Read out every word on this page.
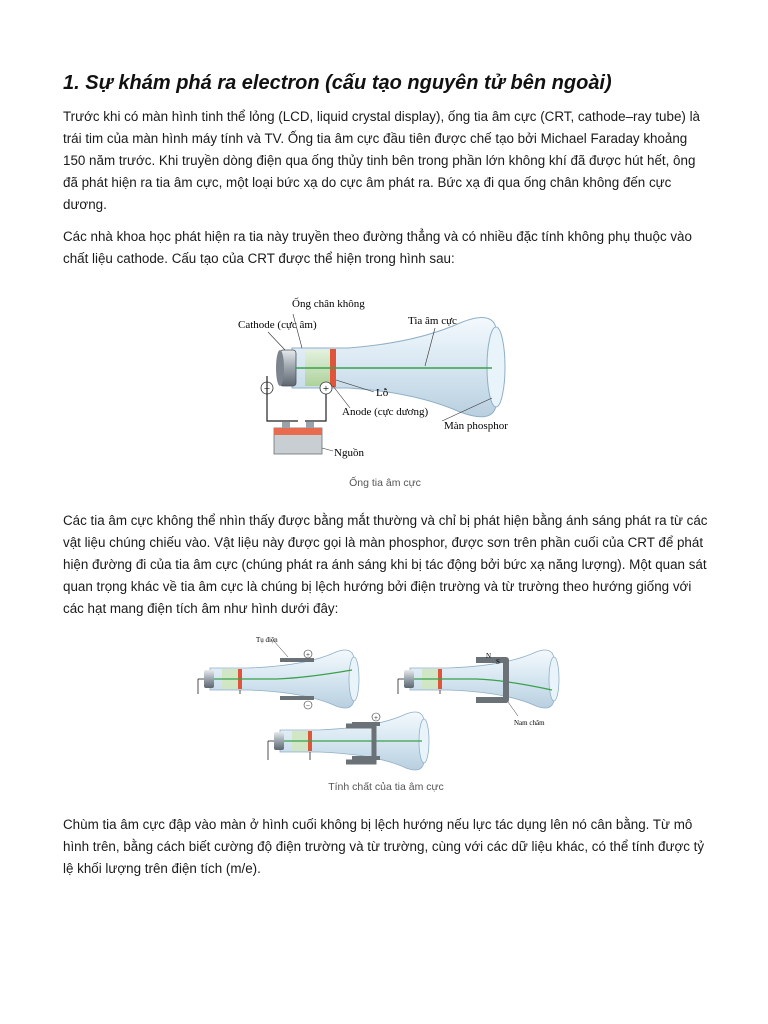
1. Sự khám phá ra electron (cấu tạo nguyên tử bên ngoài)

Trước khi có màn hình tinh thể lỏng (LCD, liquid crystal display), ống tia âm cực (CRT, cathode–ray tube) là trái tim của màn hình máy tính và TV. Ống tia âm cực đầu tiên được chế tạo bởi Michael Faraday khoảng 150 năm trước. Khi truyền dòng điện qua ống thủy tinh bên trong phần lớn không khí đã được hút hết, ông đã phát hiện ra tia âm cực, một loại bức xạ do cực âm phát ra. Bức xạ đi qua ống chân không đến cực dương.

Các nhà khoa học phát hiện ra tia này truyền theo đường thẳng và có nhiều đặc tính không phụ thuộc vào chất liệu cathode. Cấu tạo của CRT được thể hiện trong hình sau:

−	+
Ống chân không
Cathode (cực âm)	Tia âm cực
Lỗ
Anode (cực dương)
Màn phosphor
Nguồn
Ống tia âm cực

Các tia âm cực không thể nhìn thấy được bằng mắt thường và chỉ bị phát hiện bằng ánh sáng phát ra từ các vật liệu chúng chiếu vào. Vật liệu này được gọi là màn phosphor, được sơn trên phần cuối của CRT để phát hiện đường đi của tia âm cực (chúng phát ra ánh sáng khi bị tác động bởi bức xạ năng lượng). Một quan sát quan trọng khác về tia âm cực là chúng bị lệch hướng bởi điện trường và từ trường theo hướng giống với các hạt mang điện tích âm như hình dưới đây:

+
−
Tụ điện
N
S
Nam châm
+
Tính chất của tia âm cực

Chùm tia âm cực đập vào màn ở hình cuối không bị lệch hướng nếu lực tác dụng lên nó cân bằng. Từ mô hình trên, bằng cách biết cường độ điện trường và từ trường, cùng với các dữ liệu khác, có thể tính được tỷ lệ khối lượng trên điện tích (m/e).
